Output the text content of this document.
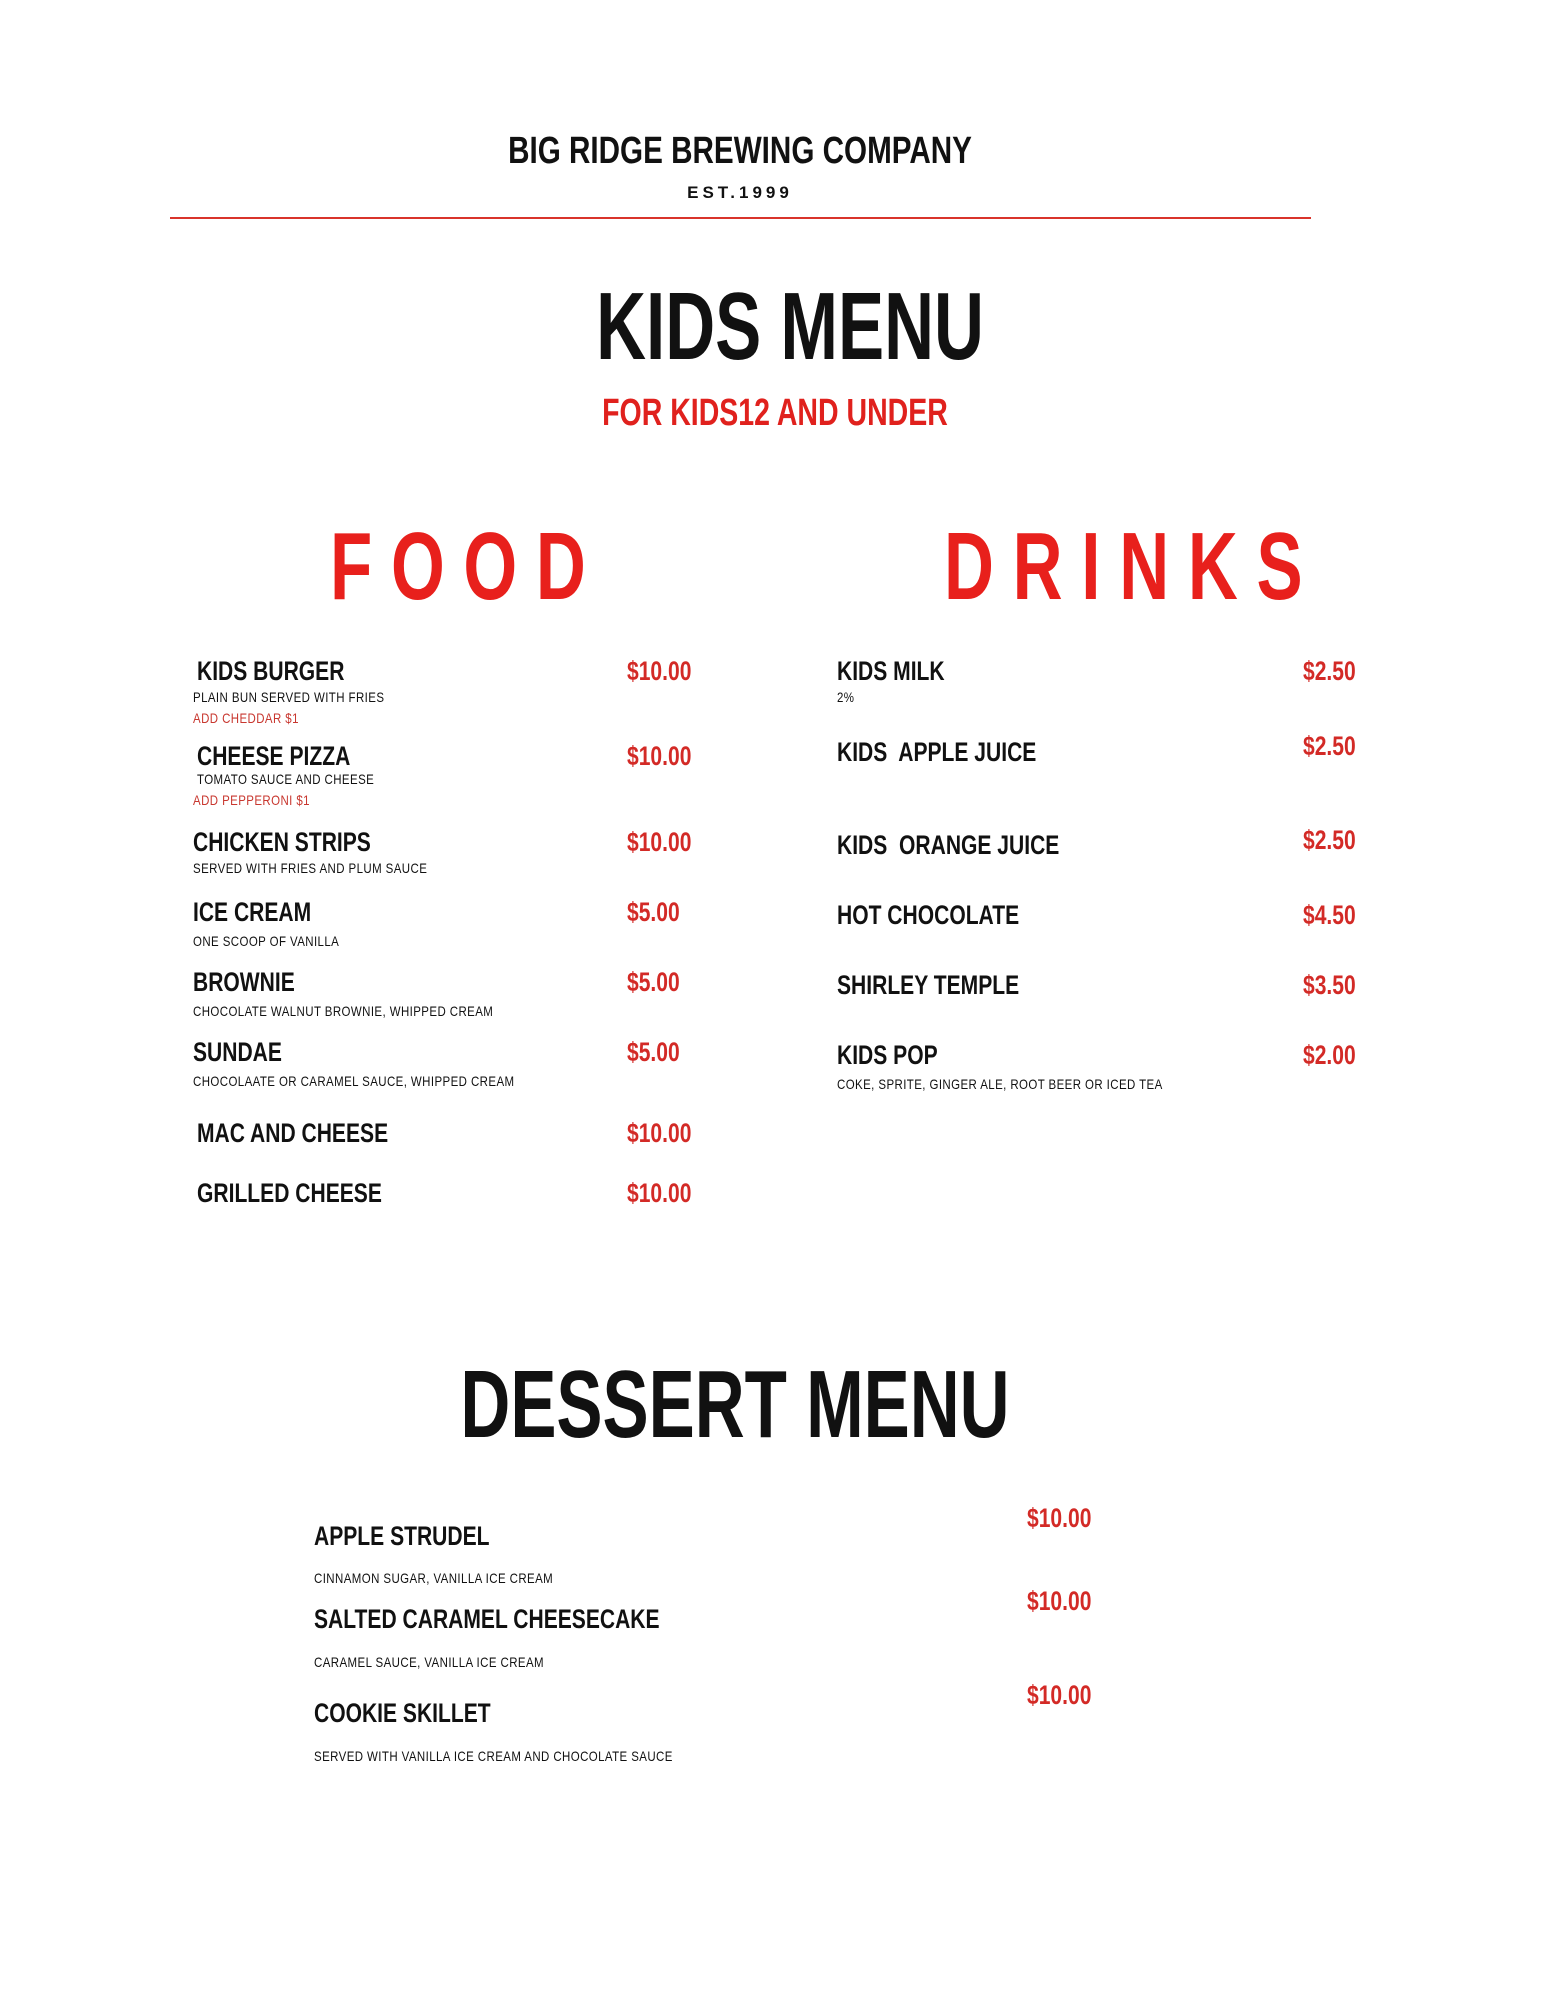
BIG RIDGE BREWING COMPANY
EST.1999
KIDS MENU
FOR KIDS12 AND UNDER
FOOD	DRINKS
KIDS BURGER
PLAIN BUN SERVED WITH FRIES
ADD CHEDDAR $1
$10.00
CHEESE PIZZA
TOMATO SAUCE AND CHEESE
ADD PEPPERONI $1
$10.00
CHICKEN STRIPS
SERVED WITH FRIES AND PLUM SAUCE
$10.00
ICE CREAM
ONE SCOOP OF VANILLA
$5.00
BROWNIE
CHOCOLATE WALNUT BROWNIE, WHIPPED CREAM
$5.00
SUNDAE
CHOCOLAATE OR CARAMEL SAUCE, WHIPPED CREAM
$5.00
MAC AND CHEESE	$10.00
GRILLED CHEESE	$10.00
KIDS MILK
2%
$2.50
KIDS  APPLE JUICE	$2.50
KIDS  ORANGE JUICE	$2.50
HOT CHOCOLATE	$4.50
SHIRLEY TEMPLE	$3.50
KIDS POP
COKE, SPRITE, GINGER ALE, ROOT BEER OR ICED TEA
$2.00
DESSERT MENU
APPLE STRUDEL
CINNAMON SUGAR, VANILLA ICE CREAM
$10.00
SALTED CARAMEL CHEESECAKE
CARAMEL SAUCE, VANILLA ICE CREAM
$10.00
COOKIE SKILLET
SERVED WITH VANILLA ICE CREAM AND CHOCOLATE SAUCE
$10.00
